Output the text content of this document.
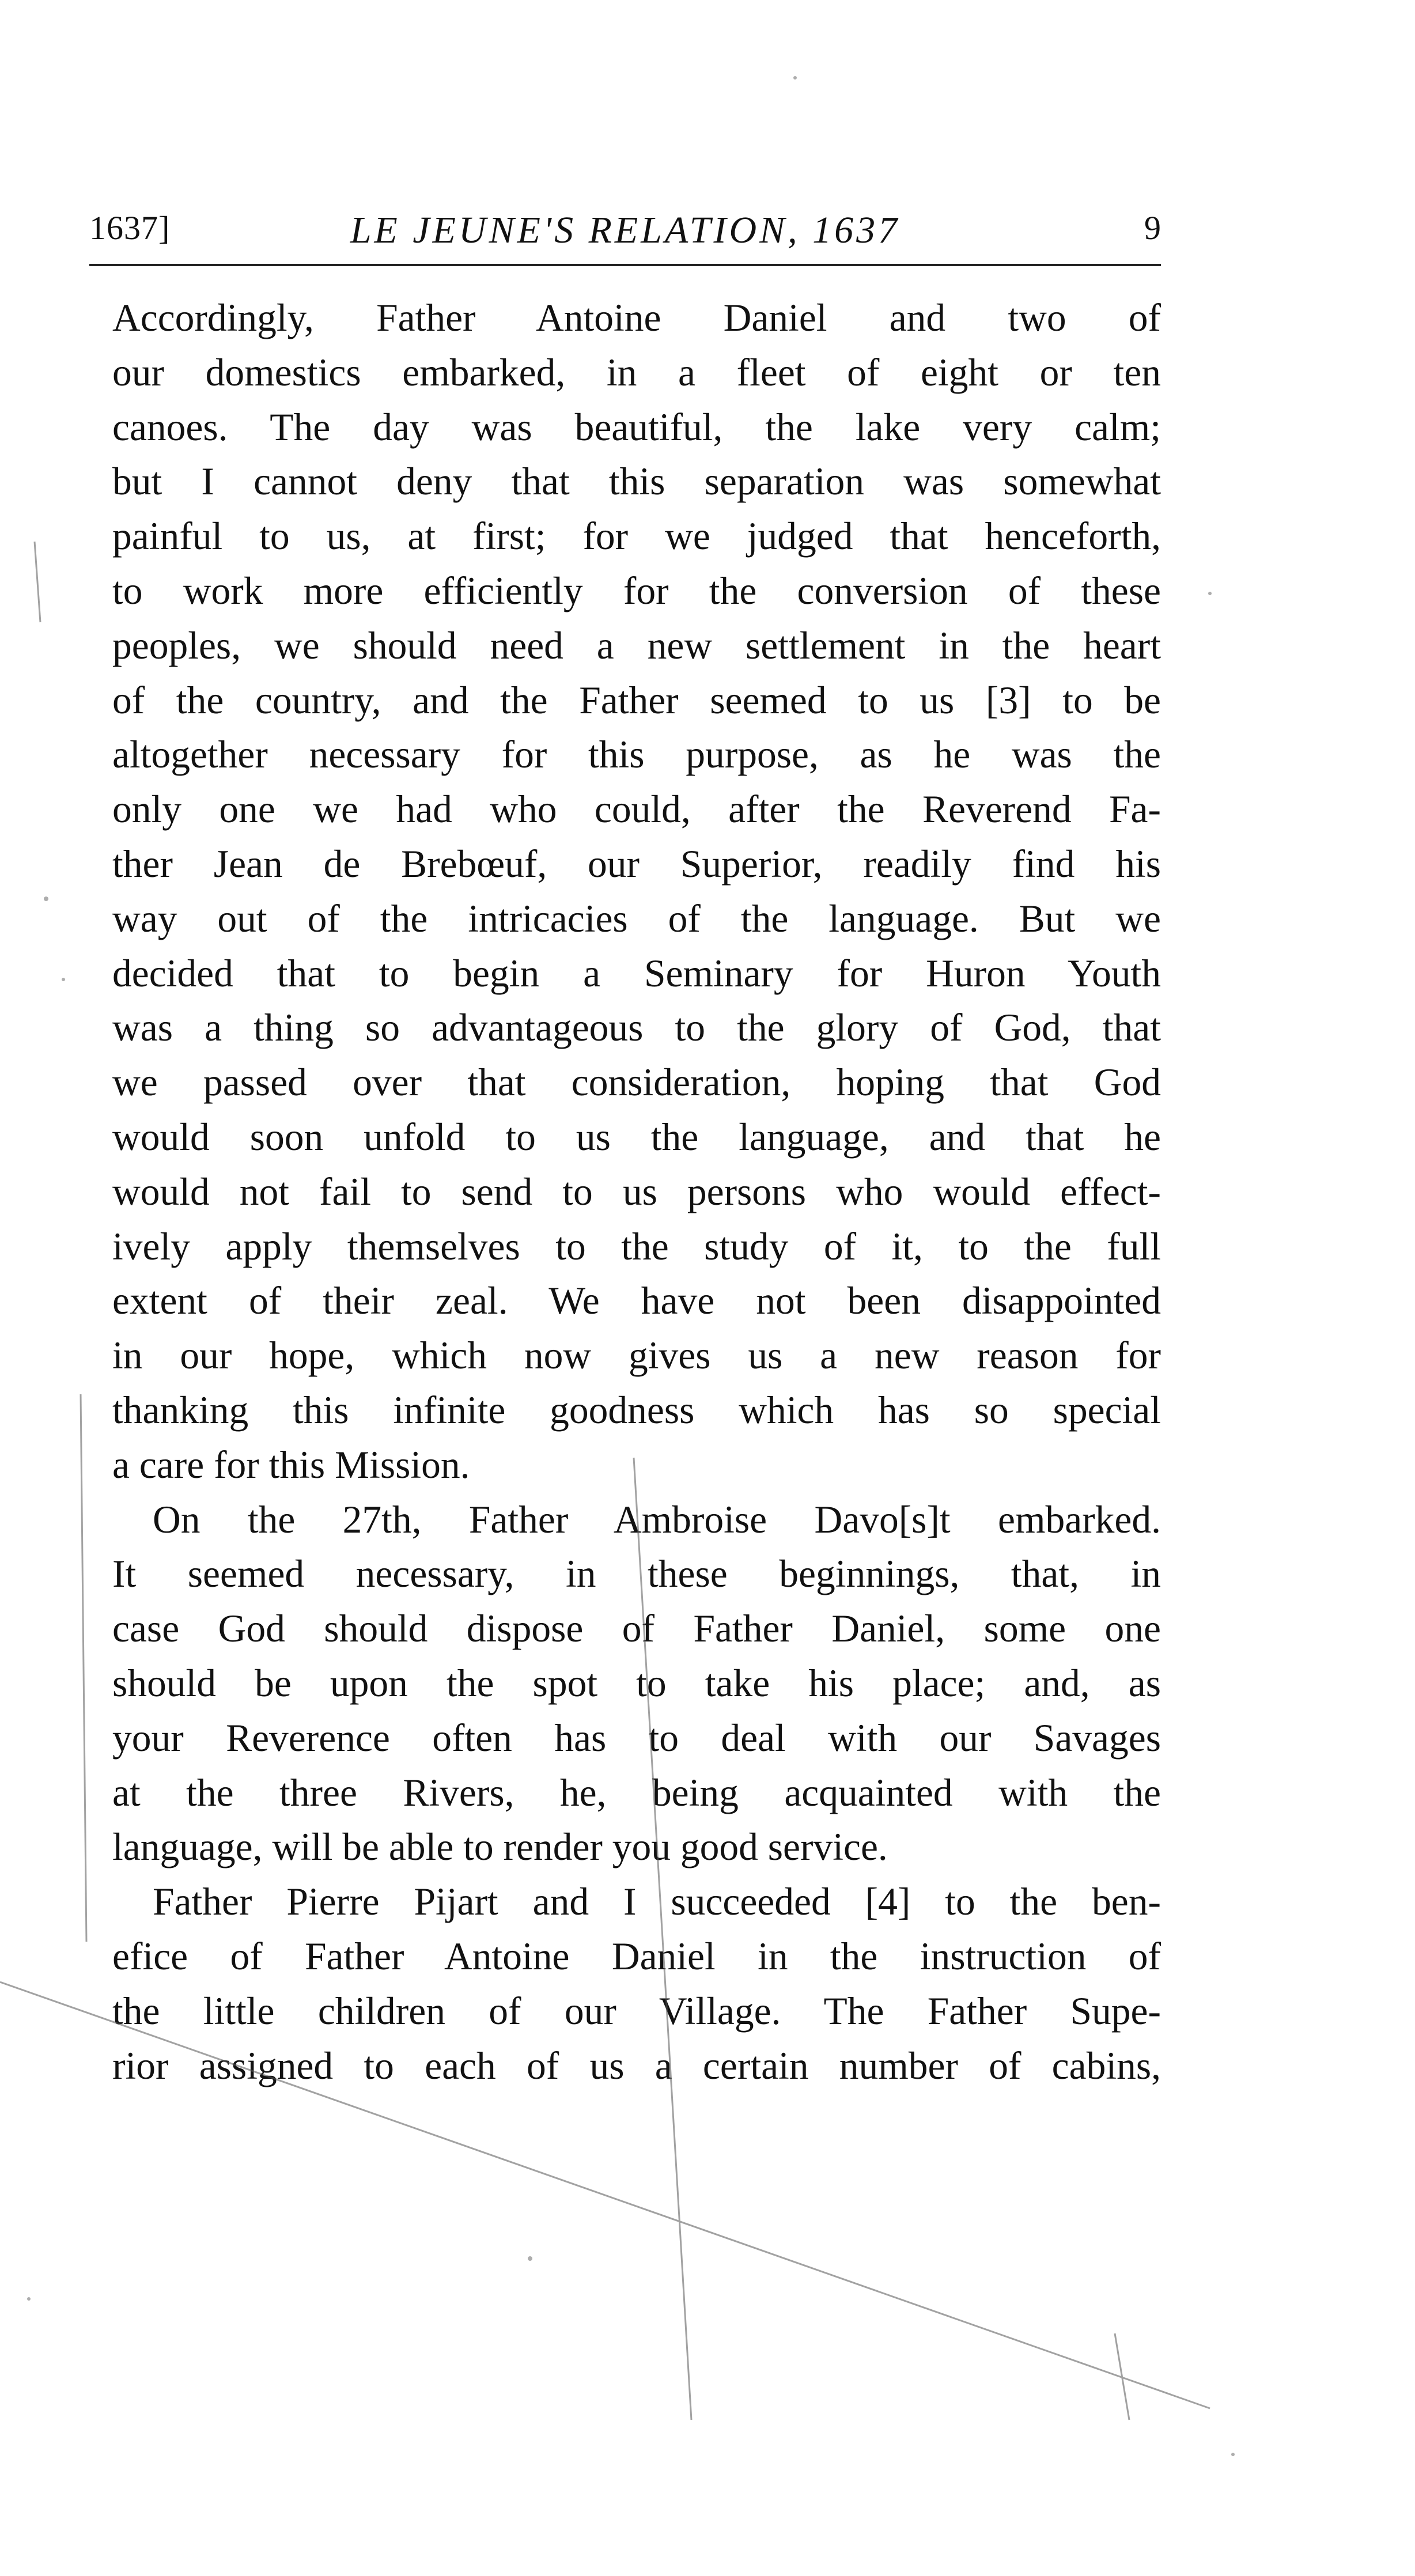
1637]	LE JEUNE'S RELATION, 1637	9
Accordingly, Father Antoine Daniel and two of
our domestics embarked, in a fleet of eight or ten
canoes. The day was beautiful, the lake very calm;
but I cannot deny that this separation was somewhat
painful to us, at first; for we judged that henceforth,
to work more efficiently for the conversion of these
peoples, we should need a new settlement in the heart
of the country, and the Father seemed to us [3] to be
altogether necessary for this purpose, as he was the
only one we had who could, after the Reverend Fa-
ther Jean de Brebœuf, our Superior, readily find his
way out of the intricacies of the language. But we
decided that to begin a Seminary for Huron Youth
was a thing so advantageous to the glory of God, that
we passed over that consideration, hoping that God
would soon unfold to us the language, and that he
would not fail to send to us persons who would effect-
ively apply themselves to the study of it, to the full
extent of their zeal. We have not been disappointed
in our hope, which now gives us a new reason for
thanking this infinite goodness which has so special
a care for this Mission.
On the 27th, Father Ambroise Davo[s]t embarked.
It seemed necessary, in these beginnings, that, in
case God should dispose of Father Daniel, some one
should be upon the spot to take his place; and, as
your Reverence often has to deal with our Savages
at the three Rivers, he, being acquainted with the
language, will be able to render you good service.
Father Pierre Pijart and I succeeded [4] to the ben-
efice of Father Antoine Daniel in the instruction of
the little children of our Village. The Father Supe-
rior assigned to each of us a certain number of cabins,
